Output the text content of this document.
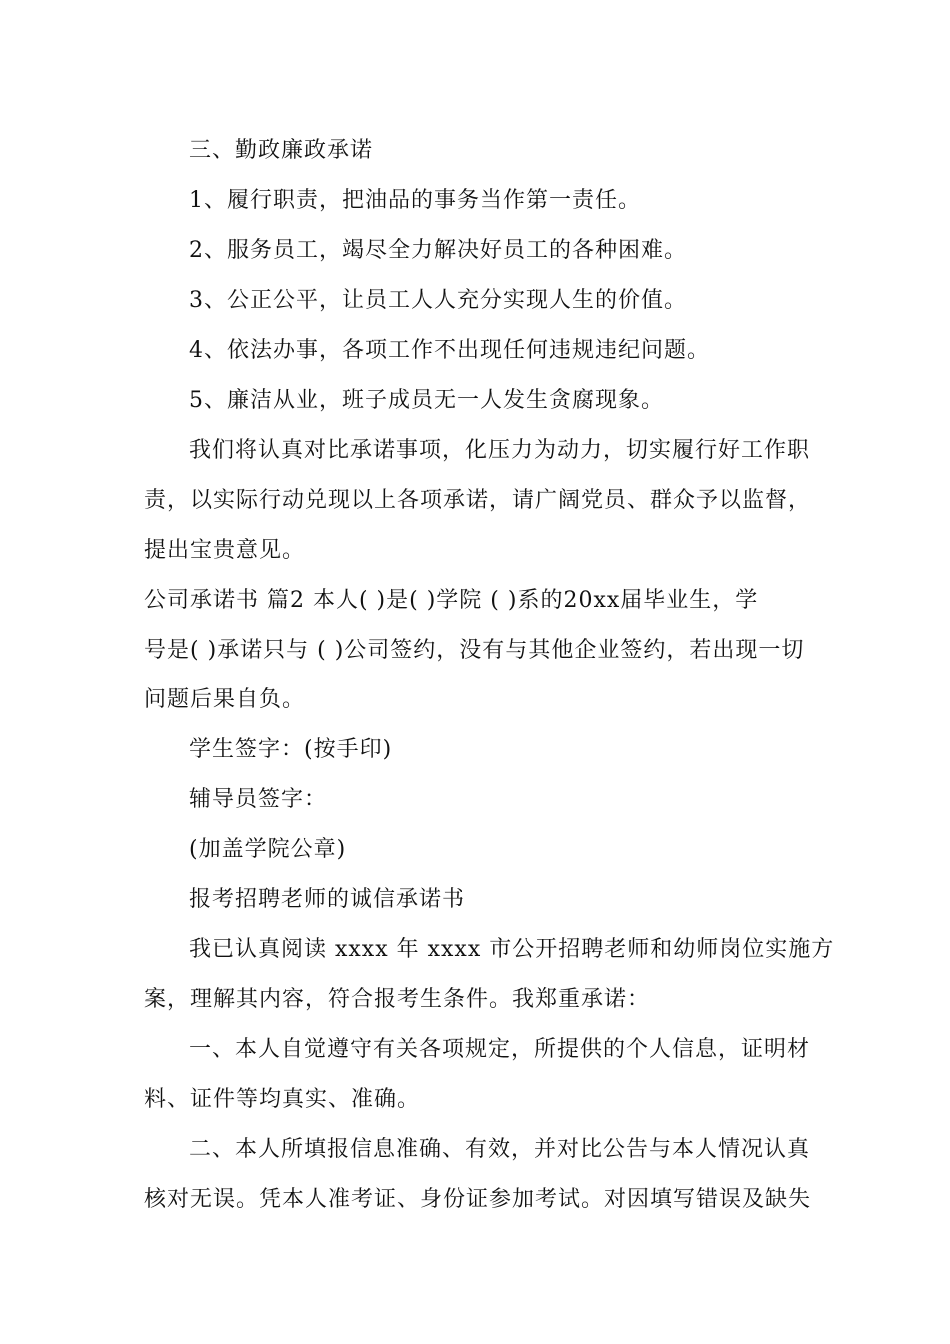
三、勤政廉政承诺

1、履行职责，把油品的事务当作第一责任。

2、服务员工，竭尽全力解决好员工的各种困难。

3、公正公平，让员工人人充分实现人生的价值。

4、依法办事，各项工作不出现任何违规违纪问题。

5、廉洁从业，班子成员无一人发生贪腐现象。

我们将认真对比承诺事项，化压力为动力，切实履行好工作职

责，以实际行动兑现以上各项承诺，请广阔党员、群众予以监督，

提出宝贵意见。

公司承诺书 篇2 本人( )是( )学院 ( )系的20xx届毕业生，学

号是( )承诺只与 ( )公司签约，没有与其他企业签约，若出现一切

问题后果自负。

学生签字：(按手印)

辅导员签字：

(加盖学院公章)

报考招聘老师的诚信承诺书

我已认真阅读 xxxx 年 xxxx 市公开招聘老师和幼师岗位实施方

案，理解其内容，符合报考生条件。我郑重承诺：

一、本人自觉遵守有关各项规定，所提供的个人信息，证明材

料、证件等均真实、准确。

二、本人所填报信息准确、有效，并对比公告与本人情况认真

核对无误。凭本人准考证、身份证参加考试。对因填写错误及缺失
